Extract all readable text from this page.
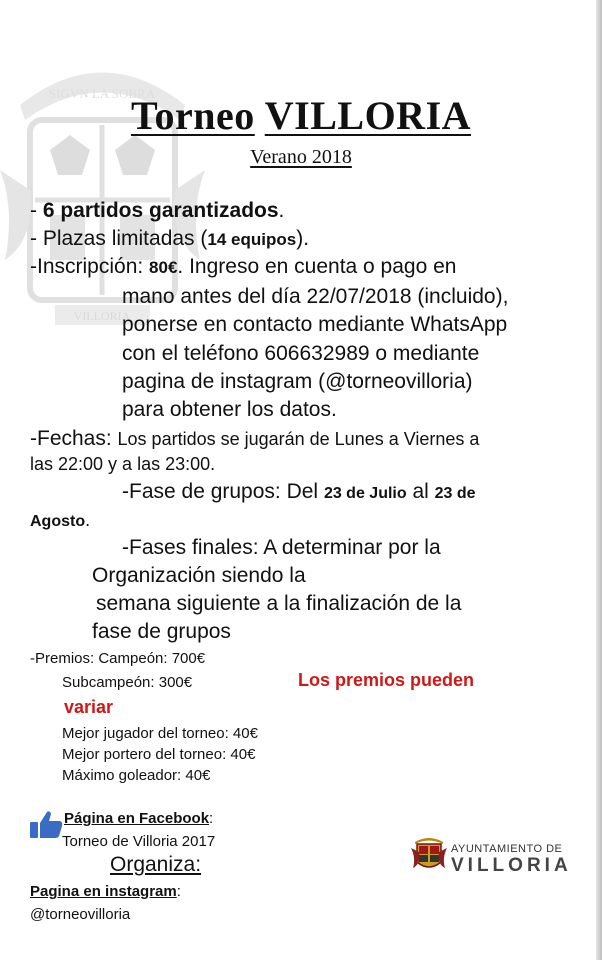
SIGVN LA SOBRA
VILLORIA
Torneo VILLORIA
Verano 2018
- 6 partidos garantizados.
- Plazas limitadas (14 equipos).
-Inscripción: 80€. Ingreso en cuenta o pago en
mano antes del día 22/07/2018 (incluido),
ponerse en contacto mediante WhatsApp
con el teléfono 606632989 o mediante
pagina de instagram (@torneovilloria)
para obtener los datos.
-Fechas: Los partidos se jugarán de Lunes a Viernes a
las 22:00 y a las 23:00.
-Fase de grupos: Del 23 de Julio al 23 de
Agosto.
-Fases finales: A determinar por la
Organización siendo la
semana siguiente a la finalización de la
fase de grupos
-Premios: Campeón: 700€
Subcampeón: 300€	Los premios pueden
variar
Mejor jugador del torneo: 40€
Mejor portero del torneo: 40€
Máximo goleador: 40€
Página en Facebook:
Torneo de Villoria 2017
Organiza:
Pagina en instagram:
@torneovilloria
AYUNTAMIENTO DE
VILLORIA
